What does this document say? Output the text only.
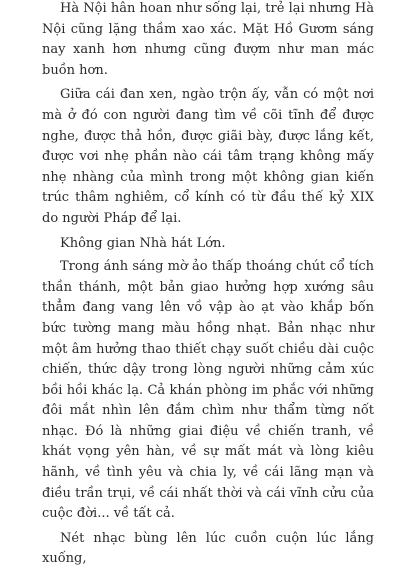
Hà Nội hân hoan như sống lại, trẻ lại nhưng Hà Nội cũng lặng thầm xao xác. Mặt Hồ Gươm sáng nay xanh hơn nhưng cũng đượm như man mác buồn hơn.

Giữa cái đan xen, ngào trộn ấy, vẫn có một nơi mà ở đó con người đang tìm về cõi tĩnh để được nghe, được thả hồn, được giãi bày, được lắng kết, được vơi nhẹ phần nào cái tâm trạng không mấy nhẹ nhàng của mình trong một không gian kiến trúc thâm nghiêm, cổ kính có từ đầu thế kỷ XIX do người Pháp để lại.

Không gian Nhà hát Lớn.

Trong ánh sáng mờ ảo thấp thoáng chút cổ tích thần thánh, một bản giao hưởng hợp xướng sâu thẳm đang vang lên vồ vập ào ạt vào khắp bốn bức tường mang màu hồng nhạt. Bản nhạc như một âm hưởng thao thiết chạy suốt chiều dài cuộc chiến, thức dậy trong lòng người những cảm xúc bồi hồi khác lạ. Cả khán phòng im phắc với những đôi mắt nhìn lên đắm chìm như thẩm từng nốt nhạc. Đó là những giai điệu về chiến tranh, về khát vọng yên hàn, về sự mất mát và lòng kiêu hãnh, về tình yêu và chia ly, về cái lãng mạn và điều trần trụi, về cái nhất thời và cái vĩnh cửu của cuộc đời... về tất cả.

Nét nhạc bùng lên lúc cuồn cuộn lúc lắng xuống,
